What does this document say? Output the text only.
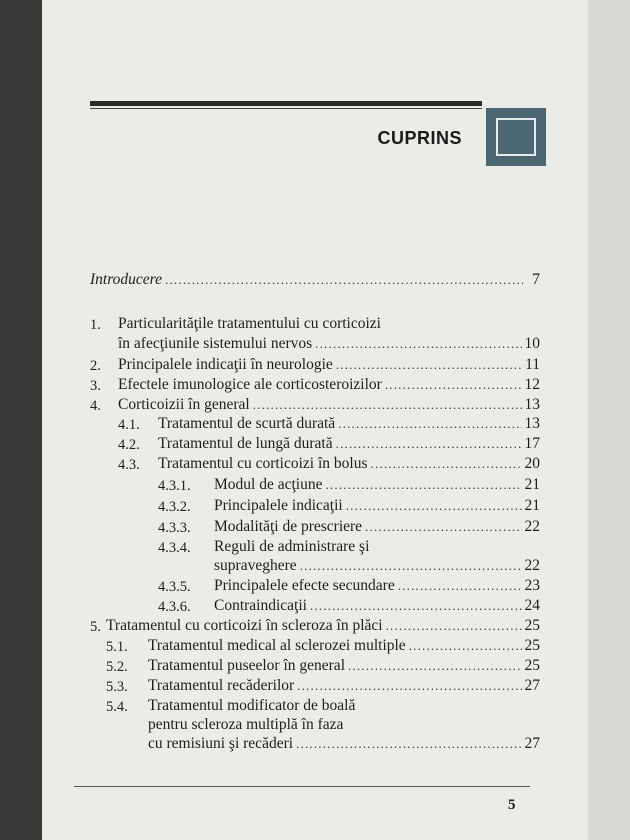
CUPRINS
Introducere .....	7
1. Particularităţile tratamentului cu corticoizi
în afecţiunile sistemului nervos .....	10
2. Principalele indicaţii în neurologie .....	11
3. Efectele imunologice ale corticosteroizilor .....	12
4. Corticoizii în general .....	13
4.1. Tratamentul de scurtă durată .....	13
4.2. Tratamentul de lungă durată .....	17
4.3. Tratamentul cu corticoizi în bolus .....	20
4.3.1. Modul de acţiune .....	21
4.3.2. Principalele indicaţii .....	21
4.3.3. Modalităţi de prescriere .....	22
4.3.4. Reguli de administrare şi
supraveghere .....	22
4.3.5. Principalele efecte secundare .....	23
4.3.6. Contraindicaţii .....	24
5. Tratamentul cu corticoizi în scleroza în plăci .....	25
5.1. Tratamentul medical al sclerozei multiple .....	25
5.2. Tratamentul puseelor în general .....	25
5.3. Tratamentul recăderilor .....	27
5.4. Tratamentul modificator de boală
pentru scleroza multiplă în faza
cu remisiuni şi recăderi .....	27
5
